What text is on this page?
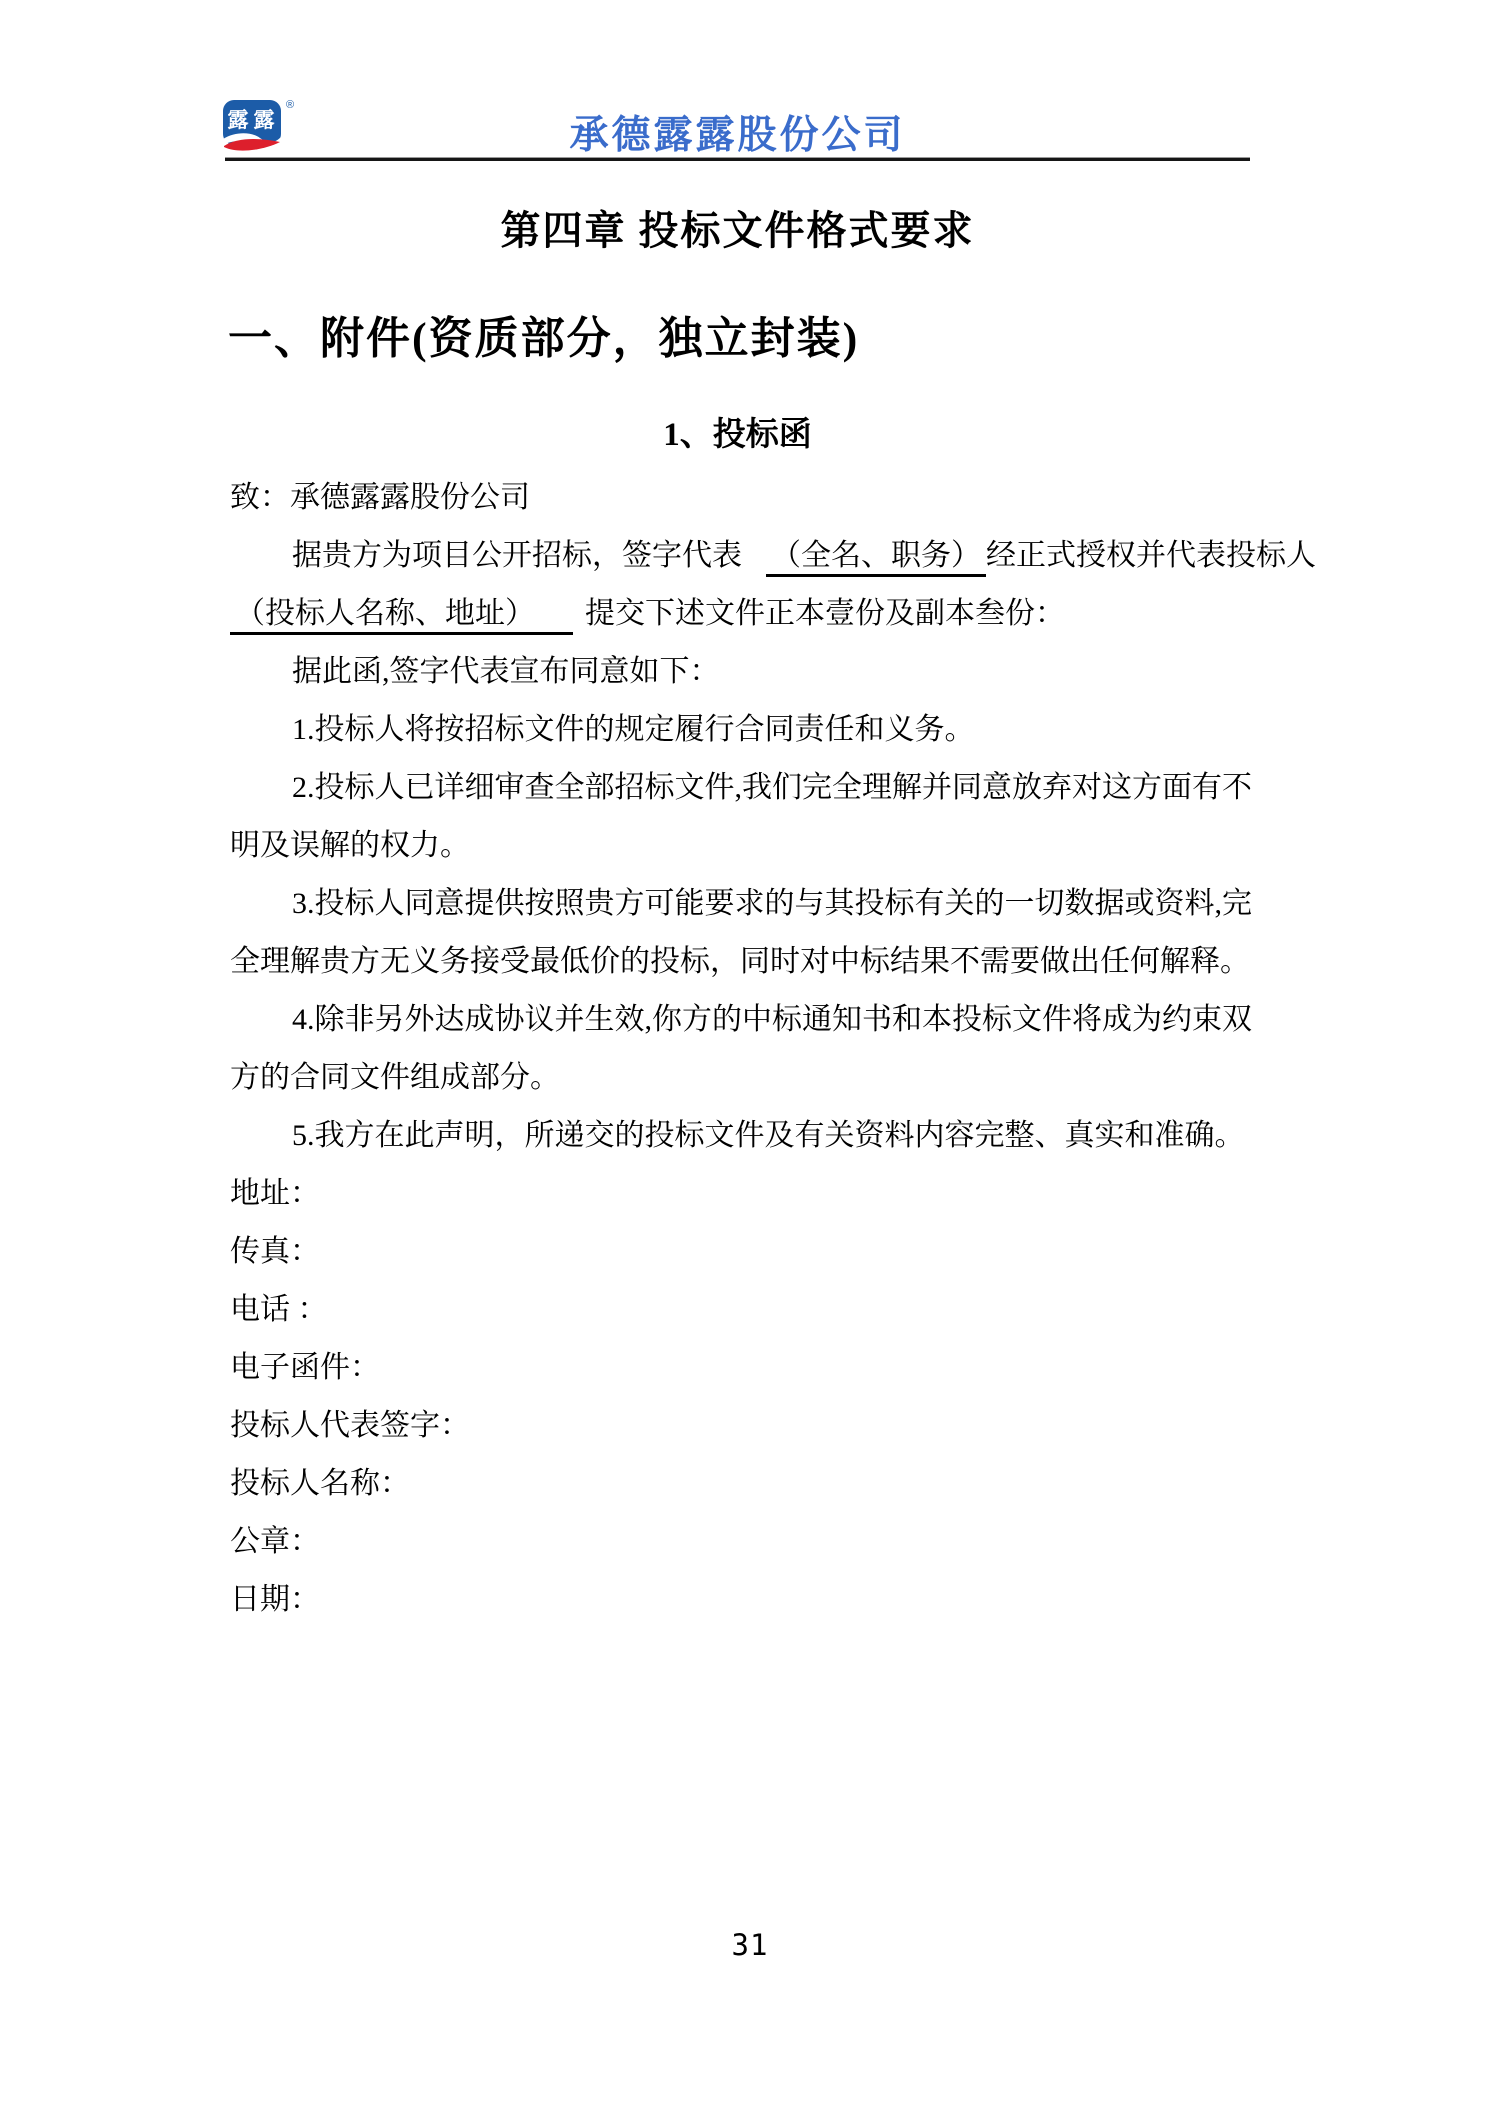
露 露
®
承德露露股份公司
第四章 投标文件格式要求
一、附件(资质部分，独立封装)
1、投标函
致：承德露露股份公司
据贵方为项目公开招标，签字代表 （全名、职务） 经正式授权并代表投标人
（投标人名称、地址） 提交下述文件正本壹份及副本叁份：
据此函,签字代表宣布同意如下：
1.投标人将按招标文件的规定履行合同责任和义务。
2.投标人已详细审查全部招标文件,我们完全理解并同意放弃对这方面有不
明及误解的权力。
3.投标人同意提供按照贵方可能要求的与其投标有关的一切数据或资料,完
全理解贵方无义务接受最低价的投标，同时对中标结果不需要做出任何解释。
4.除非另外达成协议并生效,你方的中标通知书和本投标文件将成为约束双
方的合同文件组成部分。
5.我方在此声明，所递交的投标文件及有关资料内容完整、真实和准确。
地址：
传真：
电话 ：
电子函件：
投标人代表签字：
投标人名称：
公章：
日期：
31
